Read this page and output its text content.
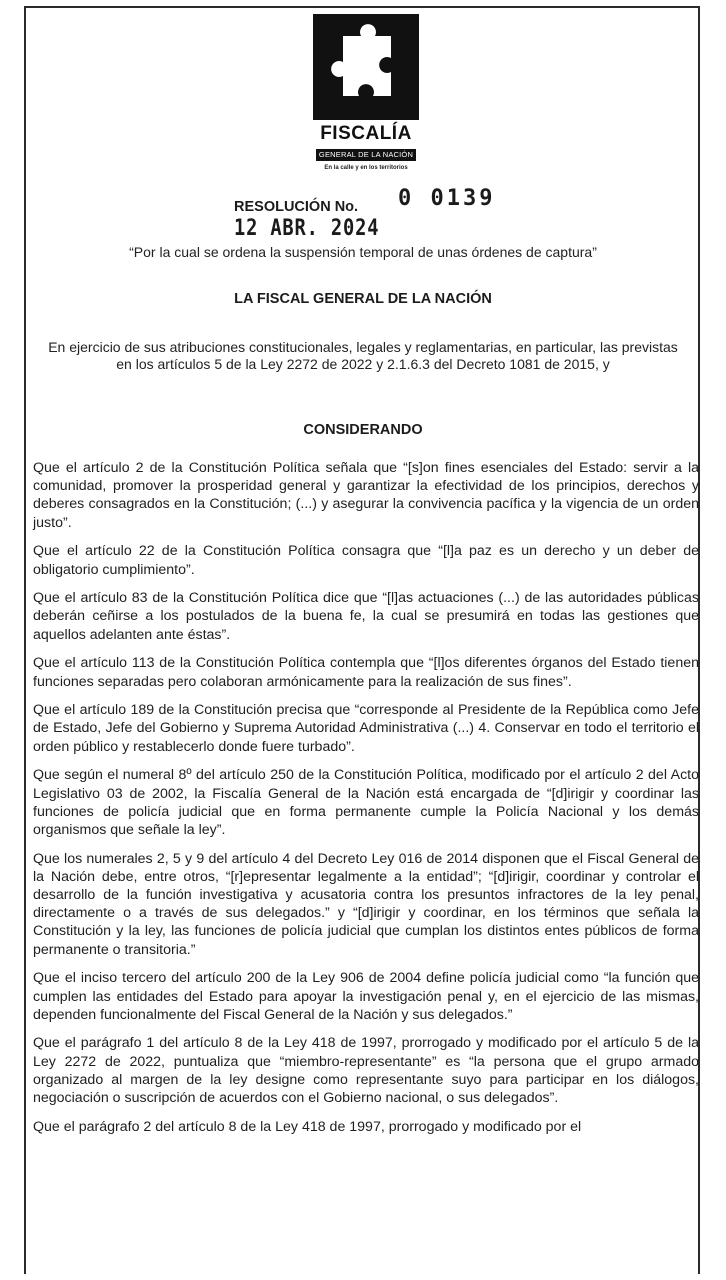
FISCALÍA
GENERAL DE LA NACIÓN
En la calle y en los territorios
RESOLUCIÓN No. 0 0139
12 ABR. 2024
“Por la cual se ordena la suspensión temporal de unas órdenes de captura”
LA FISCAL GENERAL DE LA NACIÓN
En ejercicio de sus atribuciones constitucionales, legales y reglamentarias, en particular, las previstas en los artículos 5 de la Ley 2272 de 2022 y 2.1.6.3 del Decreto 1081 de 2015, y
CONSIDERANDO

Que el artículo 2 de la Constitución Política señala que “[s]on fines esenciales del Estado: servir a la comunidad, promover la prosperidad general y garantizar la efectividad de los principios, derechos y deberes consagrados en la Constitución; (...) y asegurar la convivencia pacífica y la vigencia de un orden justo”.

Que el artículo 22 de la Constitución Política consagra que “[l]a paz es un derecho y un deber de obligatorio cumplimiento”.

Que el artículo 83 de la Constitución Política dice que “[l]as actuaciones (...) de las autoridades públicas deberán ceñirse a los postulados de la buena fe, la cual se presumirá en todas las gestiones que aquellos adelanten ante éstas”.

Que el artículo 113 de la Constitución Política contempla que “[l]os diferentes órganos del Estado tienen funciones separadas pero colaboran armónicamente para la realización de sus fines”.

Que el artículo 189 de la Constitución precisa que “corresponde al Presidente de la República como Jefe de Estado, Jefe del Gobierno y Suprema Autoridad Administrativa (...) 4. Conservar en todo el territorio el orden público y restablecerlo donde fuere turbado”.

Que según el numeral 8º del artículo 250 de la Constitución Política, modificado por el artículo 2 del Acto Legislativo 03 de 2002, la Fiscalía General de la Nación está encargada de “[d]irigir y coordinar las funciones de policía judicial que en forma permanente cumple la Policía Nacional y los demás organismos que señale la ley”.

Que los numerales 2, 5 y 9 del artículo 4 del Decreto Ley 016 de 2014 disponen que el Fiscal General de la Nación debe, entre otros, “[r]epresentar legalmente a la entidad”; “[d]irigir, coordinar y controlar el desarrollo de la función investigativa y acusatoria contra los presuntos infractores de la ley penal, directamente o a través de sus delegados.” y “[d]irigir y coordinar, en los términos que señala la Constitución y la ley, las funciones de policía judicial que cumplan los distintos entes públicos de forma permanente o transitoria.”

Que el inciso tercero del artículo 200 de la Ley 906 de 2004 define policía judicial como “la función que cumplen las entidades del Estado para apoyar la investigación penal y, en el ejercicio de las mismas, dependen funcionalmente del Fiscal General de la Nación y sus delegados.”

Que el parágrafo 1 del artículo 8 de la Ley 418 de 1997, prorrogado y modificado por el artículo 5 de la Ley 2272 de 2022, puntualiza que “miembro-representante” es “la persona que el grupo armado organizado al margen de la ley designe como representante suyo para participar en los diálogos, negociación o suscripción de acuerdos con el Gobierno nacional, o sus delegados”.

Que el parágrafo 2 del artículo 8 de la Ley 418 de 1997, prorrogado y modificado por el
